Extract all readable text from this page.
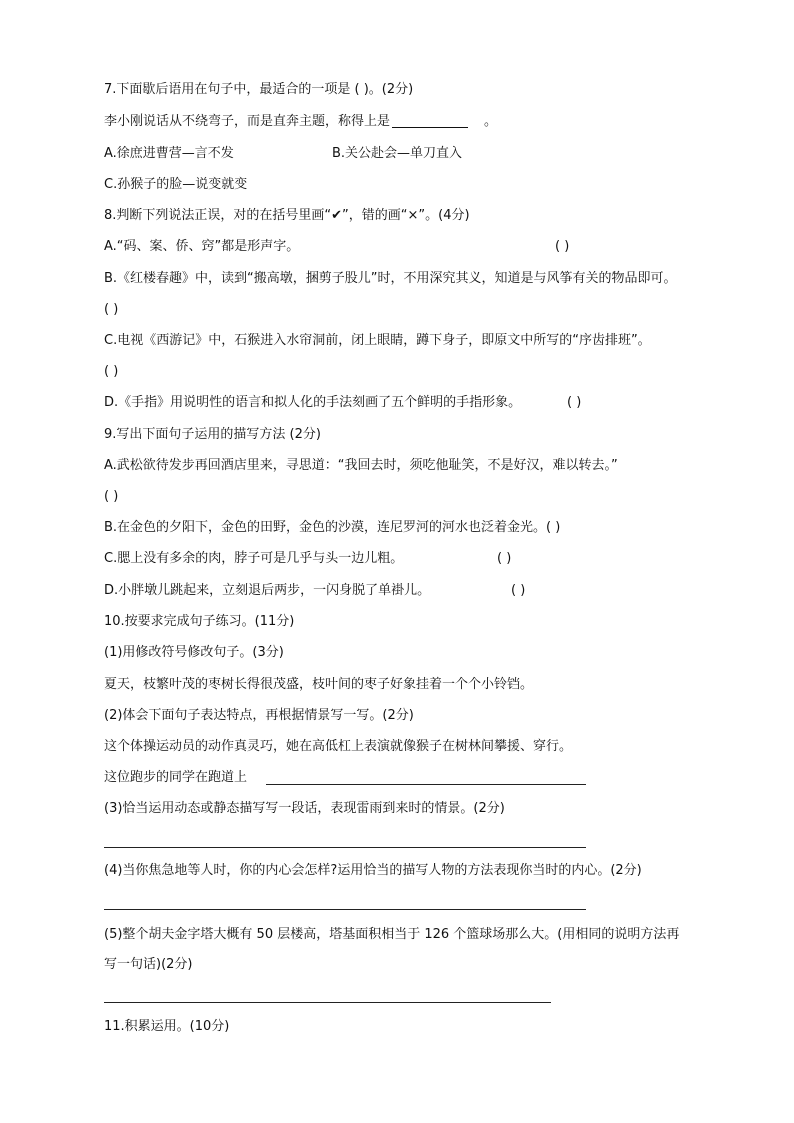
7.下面歇后语用在句子中，最适合的一项是 ( )。(2分)
李小刚说话从不绕弯子，而是直奔主题，称得上是	。
A.徐庶进曹营—言不发	B.关公赴会—单刀直入
C.孙猴子的脸—说变就变
8.判断下列说法正误，对的在括号里画“✔”，错的画“×”。(4分)
A.“码、案、侨、窍”都是形声字。	( )
B.《红楼春趣》中，读到“搬高墩，捆剪子股儿”时，不用深究其义，知道是与风筝有关的物品即可。
( )
C.电视《西游记》中，石猴进入水帘洞前，闭上眼睛，蹲下身子，即原文中所写的“序齿排班”。
( )
D.《手指》用说明性的语言和拟人化的手法刻画了五个鲜明的手指形象。	( )
9.写出下面句子运用的描写方法 (2分)
A.武松欲待发步再回酒店里来，寻思道：“我回去时，须吃他耻笑，不是好汉，难以转去。”
( )
B.在金色的夕阳下，金色的田野，金色的沙漠，连尼罗河的河水也泛着金光。( )
C.腮上没有多余的肉，脖子可是几乎与头一边儿粗。	( )
D.小胖墩儿跳起来，立刻退后两步，一闪身脱了单褂儿。	( )
10.按要求完成句子练习。(11分)
(1)用修改符号修改句子。(3分)
夏天，枝繁叶茂的枣树长得很茂盛，枝叶间的枣子好象挂着一个个小铃铛。
(2)体会下面句子表达特点，再根据情景写一写。(2分)
这个体操运动员的动作真灵巧，她在高低杠上表演就像猴子在树林间攀援、穿行。
这位跑步的同学在跑道上
(3)恰当运用动态或静态描写写一段话，表现雷雨到来时的情景。(2分)
(4)当你焦急地等人时，你的内心会怎样?运用恰当的描写人物的方法表现你当时的内心。(2分)
(5)整个胡夫金字塔大概有 50 层楼高，塔基面积相当于 126 个篮球场那么大。(用相同的说明方法再
写一句话)(2分)
11.积累运用。(10分)
